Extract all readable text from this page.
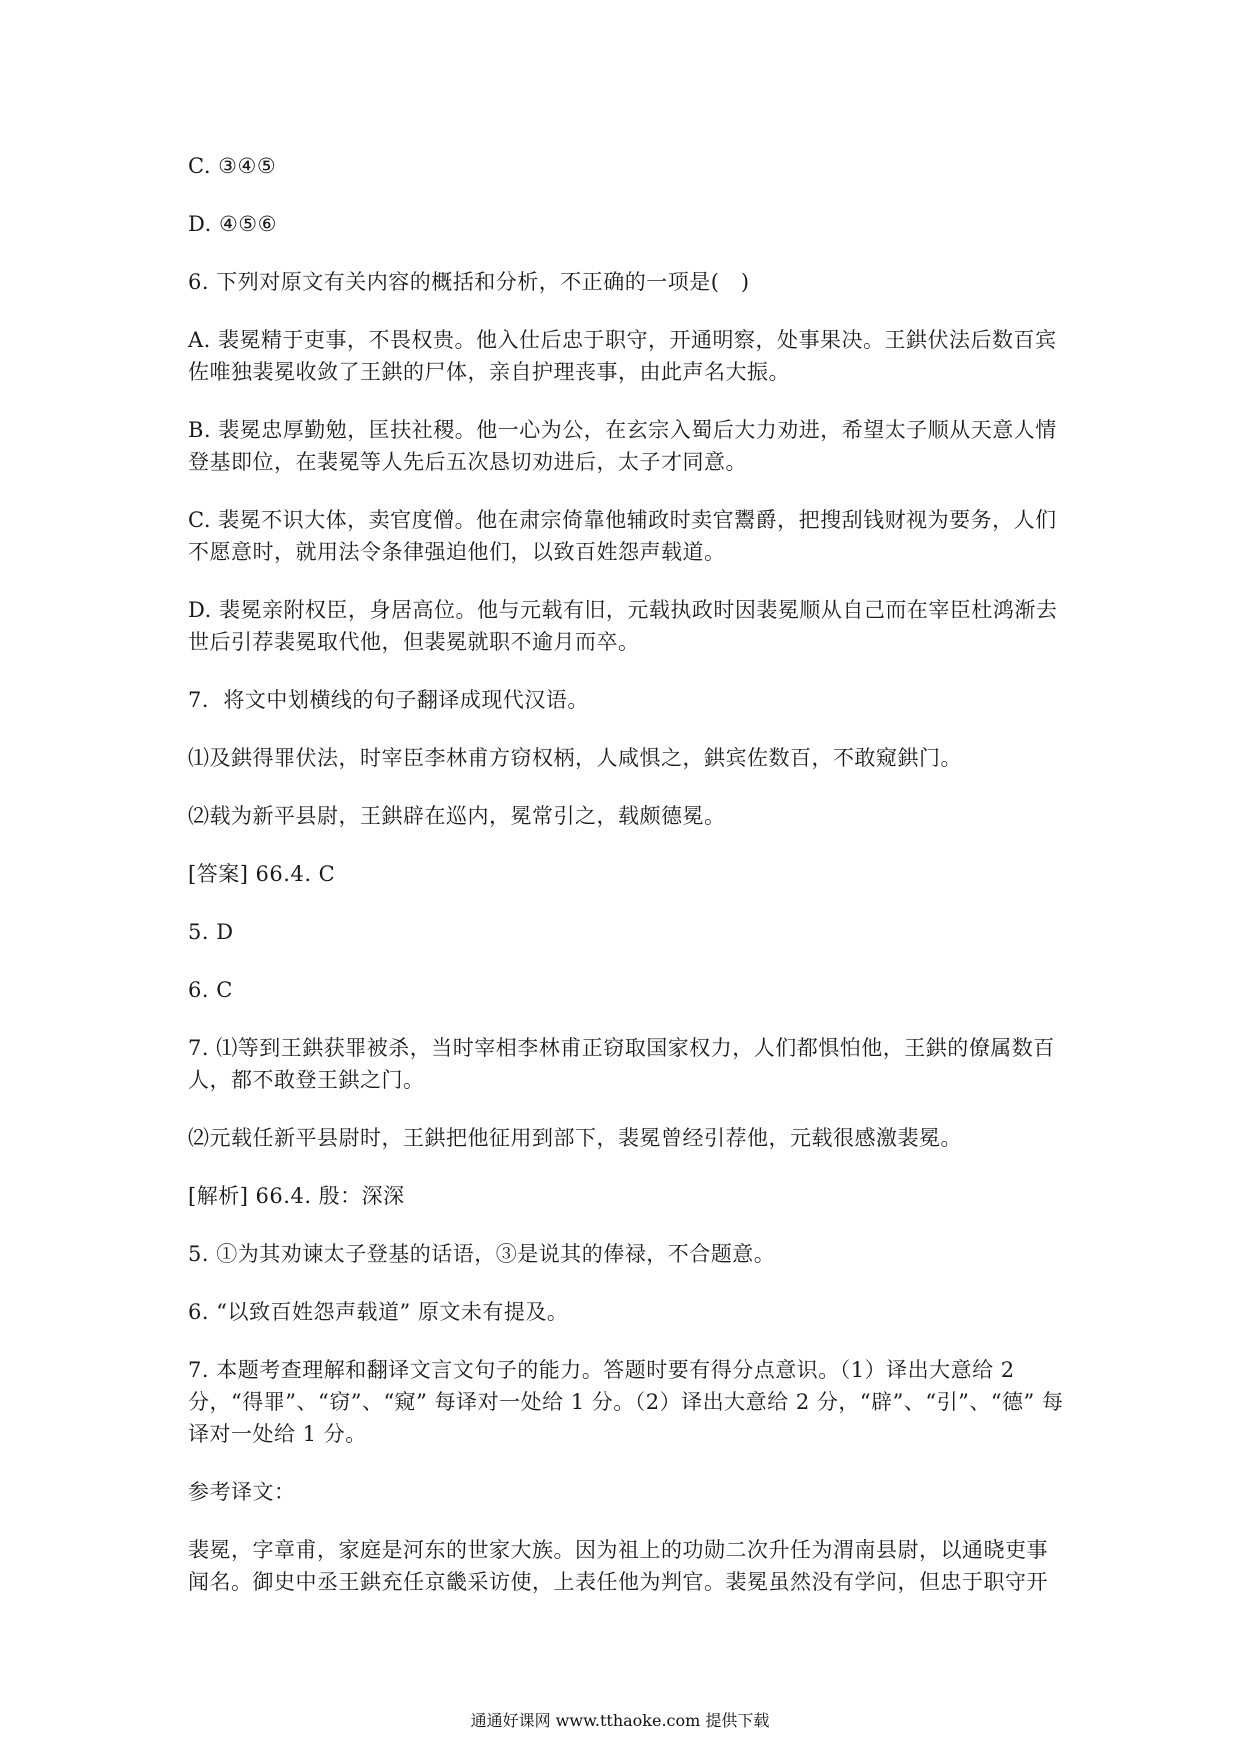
C. ③④⑤

D. ④⑤⑥

6. 下列对原文有关内容的概括和分析，不正确的一项是(　)

A. 裴冕精于吏事，不畏权贵。他入仕后忠于职守，开通明察，处事果决。王鉷伏法后数百宾佐唯独裴冕收敛了王鉷的尸体，亲自护理丧事，由此声名大振。

B. 裴冕忠厚勤勉，匡扶社稷。他一心为公，在玄宗入蜀后大力劝进，希望太子顺从天意人情登基即位，在裴冕等人先后五次恳切劝进后，太子才同意。

C. 裴冕不识大体，卖官度僧。他在肃宗倚靠他辅政时卖官鬻爵，把搜刮钱财视为要务，人们不愿意时，就用法令条律强迫他们，以致百姓怨声载道。

D. 裴冕亲附权臣，身居高位。他与元载有旧，元载执政时因裴冕顺从自己而在宰臣杜鸿渐去世后引荐裴冕取代他，但裴冕就职不逾月而卒。

7．将文中划横线的句子翻译成现代汉语。

⑴及鉷得罪伏法，时宰臣李林甫方窃权柄，人咸惧之，鉷宾佐数百，不敢窥鉷门。

⑵载为新平县尉，王鉷辟在巡内，冕常引之，载颇德冕。

[答案] 66.4. C

5. D

6. C

7. ⑴等到王鉷获罪被杀，当时宰相李林甫正窃取国家权力，人们都惧怕他，王鉷的僚属数百人，都不敢登王鉷之门。

⑵元载任新平县尉时，王鉷把他征用到部下，裴冕曾经引荐他，元载很感激裴冕。

[解析] 66.4. 殷：深深

5. ①为其劝谏太子登基的话语，③是说其的俸禄，不合题意。

6. “以致百姓怨声载道” 原文未有提及。

7. 本题考查理解和翻译文言文句子的能力。答题时要有得分点意识。（1）译出大意给 2 分，“得罪”、“窃”、“窥” 每译对一处给 1 分。（2）译出大意给 2 分，“辟”、“引”、“德” 每译对一处给 1 分。

参考译文：

裴冕，字章甫，家庭是河东的世家大族。因为祖上的功勋二次升任为渭南县尉，以通晓吏事闻名。御史中丞王鉷充任京畿采访使，上表任他为判官。裴冕虽然没有学问，但忠于职守开

通通好课网 www.tthaoke.com 提供下载
